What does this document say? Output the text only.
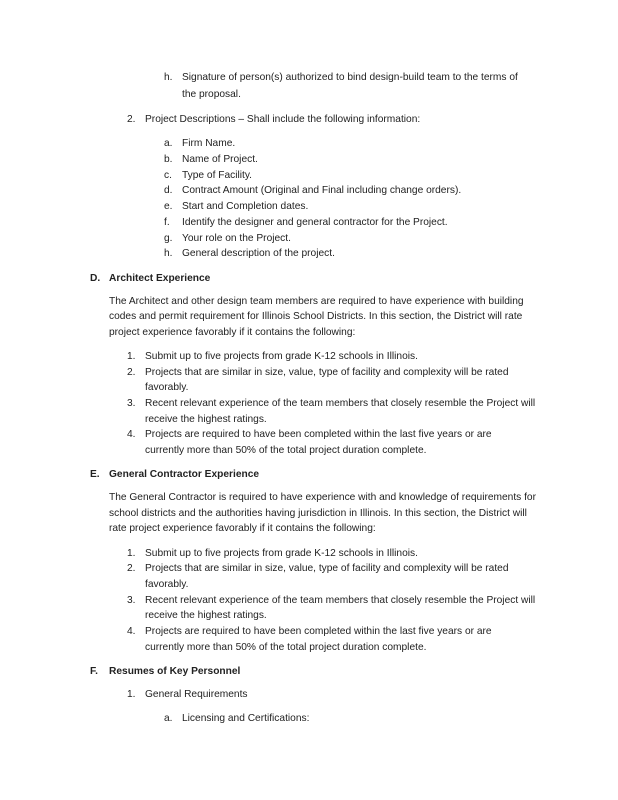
h. Signature of person(s) authorized to bind design-build team to the terms of
the proposal.
2. Project Descriptions – Shall include the following information:
a. Firm Name.
b. Name of Project.
c. Type of Facility.
d. Contract Amount (Original and Final including change orders).
e. Start and Completion dates.
f. Identify the designer and general contractor for the Project.
g. Your role on the Project.
h. General description of the project.
D. Architect Experience
The Architect and other design team members are required to have experience with building
codes and permit requirement for Illinois School Districts. In this section, the District will rate
project experience favorably if it contains the following:
1. Submit up to five projects from grade K-12 schools in Illinois.
2. Projects that are similar in size, value, type of facility and complexity will be rated
favorably.
3. Recent relevant experience of the team members that closely resemble the Project will
receive the highest ratings.
4. Projects are required to have been completed within the last five years or are
currently more than 50% of the total project duration complete.
E. General Contractor Experience
The General Contractor is required to have experience with and knowledge of requirements for
school districts and the authorities having jurisdiction in Illinois. In this section, the District will
rate project experience favorably if it contains the following:
1. Submit up to five projects from grade K-12 schools in Illinois.
2. Projects that are similar in size, value, type of facility and complexity will be rated
favorably.
3. Recent relevant experience of the team members that closely resemble the Project will
receive the highest ratings.
4. Projects are required to have been completed within the last five years or are
currently more than 50% of the total project duration complete.
F. Resumes of Key Personnel
1. General Requirements
a. Licensing and Certifications:
